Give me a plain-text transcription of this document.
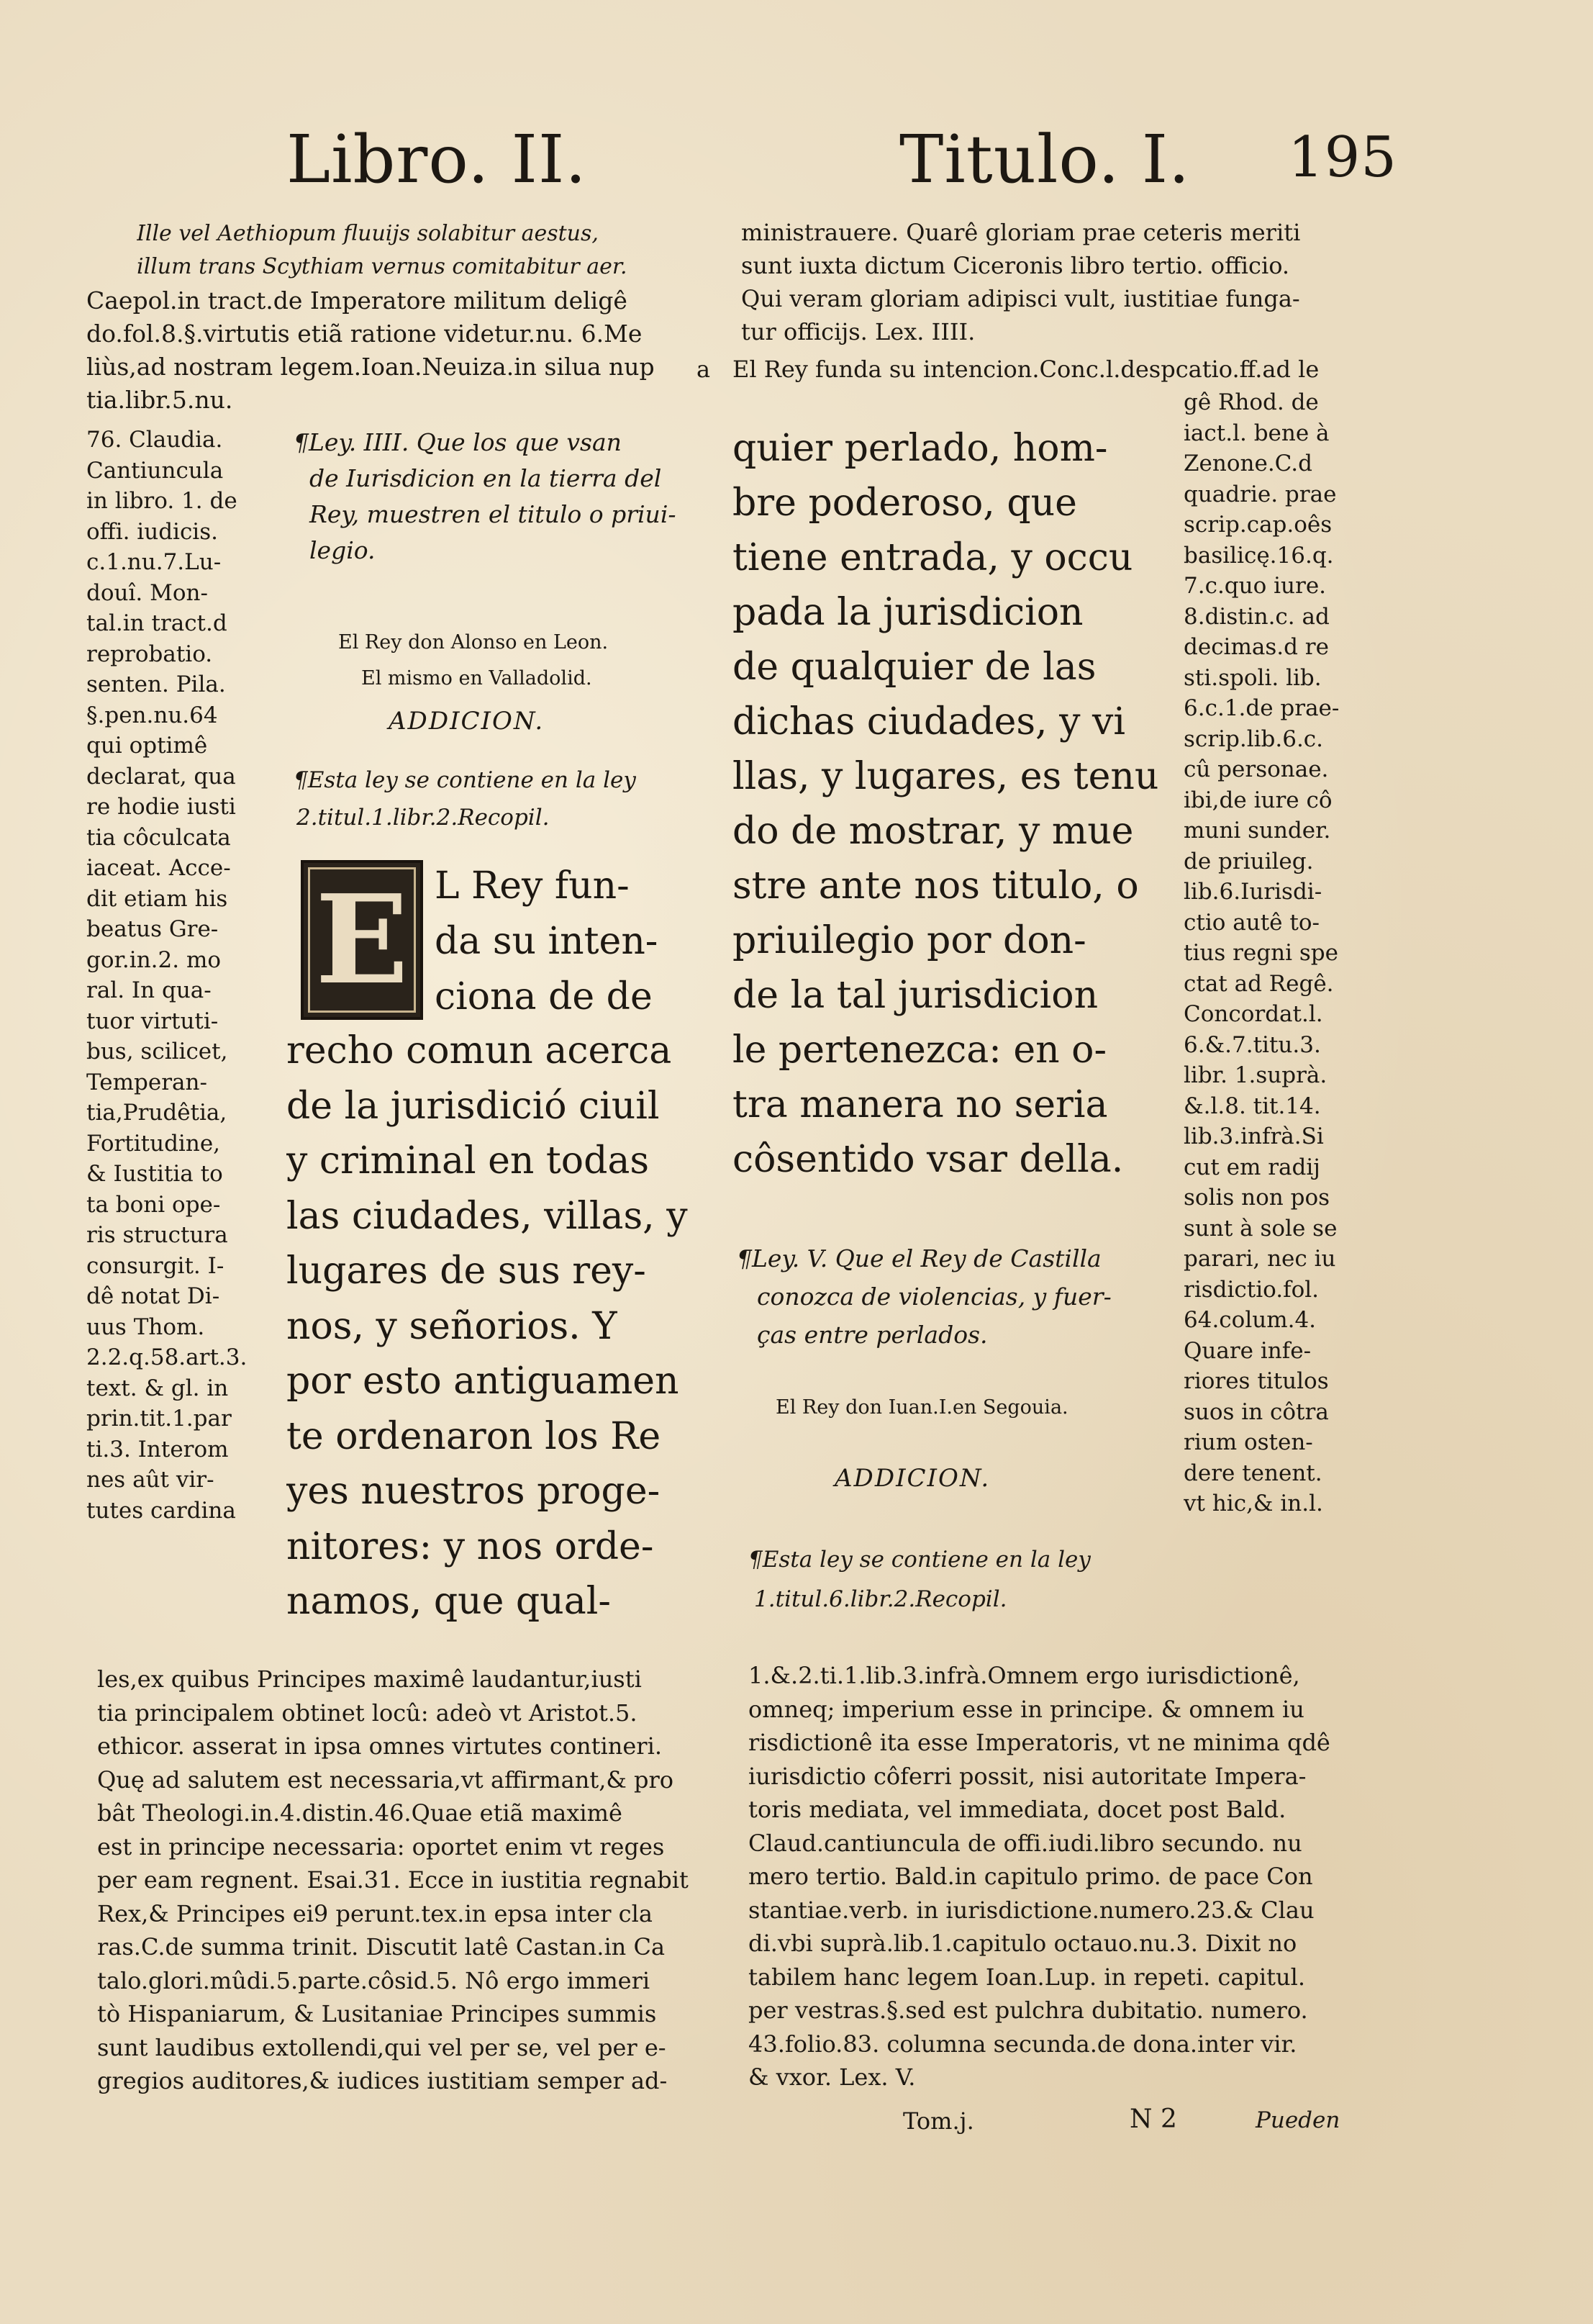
Libro. II.	Titulo. I. 195
Ille vel Aethiopum fluuijs solabitur aestus,
illum trans Scythiam vernus comitabitur aer.
Caepol.in tract.de Imperatore militum deligê
do.fol.8.§.virtutis etiã ratione videtur.nu. 6.Me
liùs,ad nostram legem.Ioan.Neuiza.in silua nup
tia.libr.5.nu.
76. Claudia.
Cantiuncula
in libro. 1. de
offi. iudicis.
c.1.nu.7.Lu-
douî. Mon-
tal.in tract.d
reprobatio.
senten. Pila.
§.pen.nu.64
qui optimê
declarat, qua
re hodie iusti
tia côculcata
iaceat. Acce-
dit etiam his
beatus Gre-
gor.in.2. mo
ral. In qua-
tuor virtuti-
bus, scilicet,
Temperan-
tia,Prudêtia,
Fortitudine,
& Iustitia to
ta boni ope-
ris structura
consurgit. I-
dê notat Di-
uus Thom.
2.2.q.58.art.3.
text. & gl. in
prin.tit.1.par
ti.3. Interom
nes aût vir-
tutes cardina
¶Ley. IIII. Que los que vsan
de Iurisdicion en la tierra del
Rey, muestren el titulo o priui-
legio.
El Rey don Alonso en Leon.
El mismo en Valladolid.
ADDICION.
¶Esta ley se contiene en la ley
2.titul.1.libr.2.Recopil.
E L Rey fun-
da su inten-
ciona de de
recho comun acerca
de la jurisdició ciuil
y criminal en todas
las ciudades, villas, y
lugares de sus rey-
nos, y señorios. Y
por esto antiguamen
te ordenaron los Re
yes nuestros proge-
nitores: y nos orde-
namos, que qual-
les,ex quibus Principes maximê laudantur,iusti
tia principalem obtinet locû: adeò vt Aristot.5.
ethicor. asserat in ipsa omnes virtutes contineri.
Quę ad salutem est necessaria,vt affirmant,& pro
bât Theologi.in.4.distin.46.Quae etiã maximê
est in principe necessaria: oportet enim vt reges
per eam regnent. Esai.31. Ecce in iustitia regnabit
Rex,& Principes ei9 perunt.tex.in epsa inter cla
ras.C.de summa trinit. Discutit latê Castan.in Ca
talo.glori.mûdi.5.parte.côsid.5. Nô ergo immeri
tò Hispaniarum, & Lusitaniae Principes summis
sunt laudibus extollendi,qui vel per se, vel per e-
gregios auditores,& iudices iustitiam semper ad-
ministrauere. Quarê gloriam prae ceteris meriti
sunt iuxta dictum Ciceronis libro tertio. officio.
Qui veram gloriam adipisci vult, iustitiae funga-
tur officijs. Lex. IIII.
a El Rey funda su intencion.Conc.l.despcatio.ff.ad le
quier perlado, hom-
bre poderoso, que
tiene entrada, y occu
pada la jurisdicion
de qualquier de las
dichas ciudades, y vi
llas, y lugares, es tenu
do de mostrar, y mue
stre ante nos titulo, o
priuilegio por don-
de la tal jurisdicion
le pertenezca: en o-
tra manera no seria
côsentido vsar della.
gê Rhod. de
iact.l. bene à
Zenone.C.d
quadrie. prae
scrip.cap.oês
basilicę.16.q.
7.c.quo iure.
8.distin.c. ad
decimas.d re
sti.spoli. lib.
6.c.1.de prae-
scrip.lib.6.c.
cû personae.
ibi,de iure cô
muni sunder.
de priuileg.
lib.6.Iurisdi-
ctio autê to-
tius regni spe
ctat ad Regê.
Concordat.l.
6.&.7.titu.3.
libr. 1.suprà.
&.l.8. tit.14.
lib.3.infrà.Si
cut em radij
solis non pos
sunt à sole se
parari, nec iu
risdictio.fol.
64.colum.4.
Quare infe-
riores titulos
suos in côtra
rium osten-
dere tenent.
vt hic,& in.l.
¶Ley. V. Que el Rey de Castilla
conozca de violencias, y fuer-
ças entre perlados.
El Rey don Iuan.I.en Segouia.
ADDICION.
¶Esta ley se contiene en la ley
1.titul.6.libr.2.Recopil.
1.&.2.ti.1.lib.3.infrà.Omnem ergo iurisdictionê,
omneq; imperium esse in principe. & omnem iu
risdictionê ita esse Imperatoris, vt ne minima qdê
iurisdictio côferri possit, nisi autoritate Impera-
toris mediata, vel immediata, docet post Bald.
Claud.cantiuncula de offi.iudi.libro secundo. nu
mero tertio. Bald.in capitulo primo. de pace Con
stantiae.verb. in iurisdictione.numero.23.& Clau
di.vbi suprà.lib.1.capitulo octauo.nu.3. Dixit no
tabilem hanc legem Ioan.Lup. in repeti. capitul.
per vestras.§.sed est pulchra dubitatio. numero.
43.folio.83. columna secunda.de dona.inter vir.
& vxor. Lex. V.
Tom.j.	N 2	Pueden
